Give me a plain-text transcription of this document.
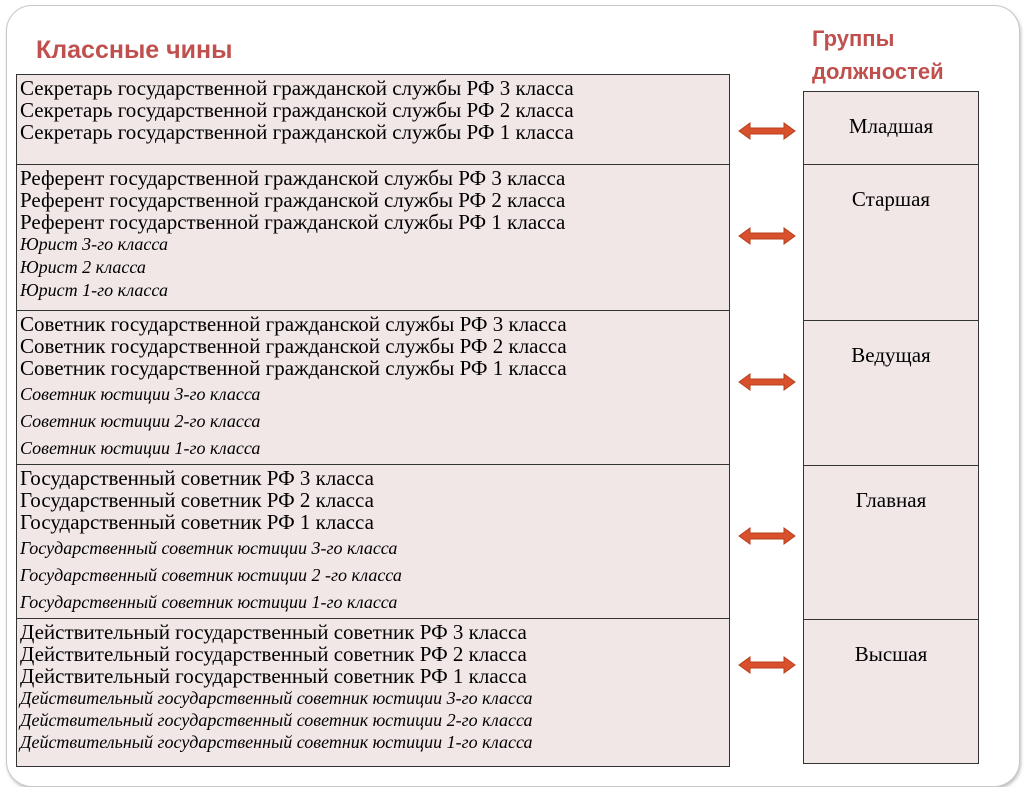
Классные чины	Группы должностей
Секретарь государственной гражданской службы РФ 3 класса
Секретарь государственной гражданской службы РФ 2 класса
Секретарь государственной гражданской службы РФ 1 класса
Референт государственной гражданской службы РФ 3 класса
Референт государственной гражданской службы РФ 2 класса
Референт государственной гражданской службы РФ 1 класса
Юрист 3-го класса
Юрист 2 класса
Юрист 1-го класса
Советник государственной гражданской службы РФ 3 класса
Советник государственной гражданской службы РФ 2 класса
Советник государственной гражданской службы РФ 1 класса
Советник юстиции 3-го класса
Советник юстиции 2-го класса
Советник юстиции 1-го класса
Государственный советник РФ 3 класса
Государственный советник РФ 2 класса
Государственный советник РФ 1 класса
Государственный советник юстиции 3-го класса
Государственный советник юстиции 2 -го класса
Государственный советник юстиции 1-го класса
Действительный государственный советник РФ 3 класса
Действительный государственный советник РФ 2 класса
Действительный государственный советник РФ 1 класса
Действительный государственный советник юстиции 3-го класса
Действительный государственный советник юстиции 2-го класса
Действительный государственный советник юстиции 1-го класса
Младшая
Старшая
Ведущая
Главная
Высшая
